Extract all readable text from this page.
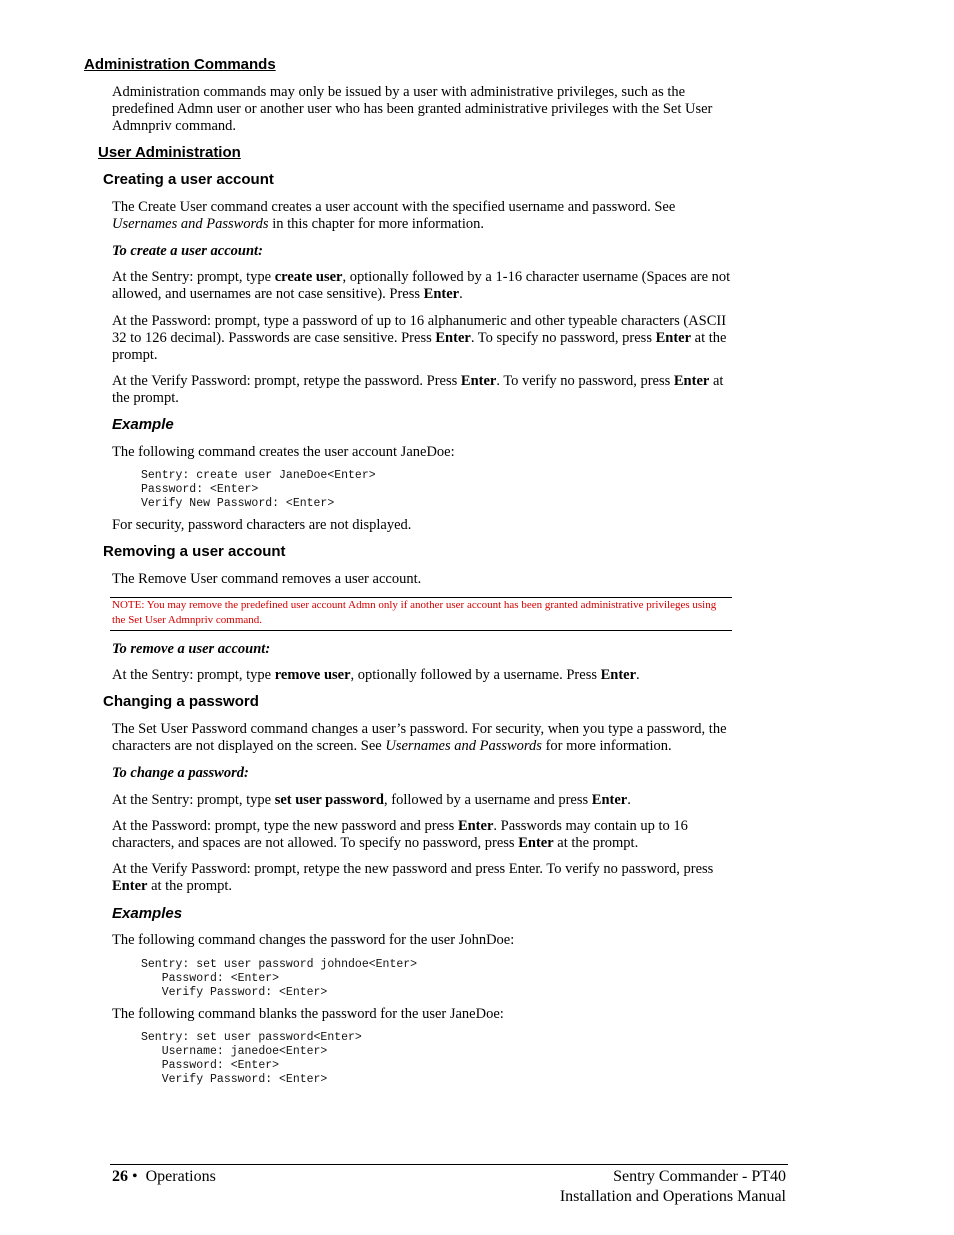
Administration Commands
Administration commands may only be issued by a user with administrative privileges, such as the predefined Admn user or another user who has been granted administrative privileges with the Set User Admnpriv command.
User Administration
Creating a user account
The Create User command creates a user account with the specified username and password. See
Usernames and Passwords in this chapter for more information.
To create a user account:
At the Sentry: prompt, type create user, optionally followed by a 1-16 character username (Spaces are not allowed, and usernames are not case sensitive). Press Enter.
At the Password: prompt, type a password of up to 16 alphanumeric and other typeable characters (ASCII 32 to 126 decimal). Passwords are case sensitive. Press Enter. To specify no password, press Enter at the prompt.
At the Verify Password: prompt, retype the password. Press Enter. To verify no password, press Enter at the prompt.
Example
The following command creates the user account JaneDoe:
Sentry: create user JaneDoe<Enter>
Password: <Enter>
Verify New Password: <Enter>
For security, password characters are not displayed.
Removing a user account
The Remove User command removes a user account.
NOTE: You may remove the predefined user account Admn only if another user account has been granted administrative privileges using the Set User Admnpriv command.
To remove a user account:
At the Sentry: prompt, type remove user, optionally followed by a username. Press Enter.
Changing a password
The Set User Password command changes a user’s password. For security, when you type a password, the characters are not displayed on the screen. See Usernames and Passwords for more information.
To change a password:
At the Sentry: prompt, type set user password, followed by a username and press Enter.
At the Password: prompt, type the new password and press Enter. Passwords may contain up to 16 characters, and spaces are not allowed. To specify no password, press Enter at the prompt.
At the Verify Password: prompt, retype the new password and press Enter. To verify no password, press Enter at the prompt.
Examples
The following command changes the password for the user JohnDoe:
Sentry: set user password johndoe<Enter>
Password: <Enter>
Verify Password: <Enter>
The following command blanks the password for the user JaneDoe:
Sentry: set user password<Enter>
Username: janedoe<Enter>
Password: <Enter>
Verify Password: <Enter>
26 • Operations	Sentry Commander - PT40
Installation and Operations Manual
